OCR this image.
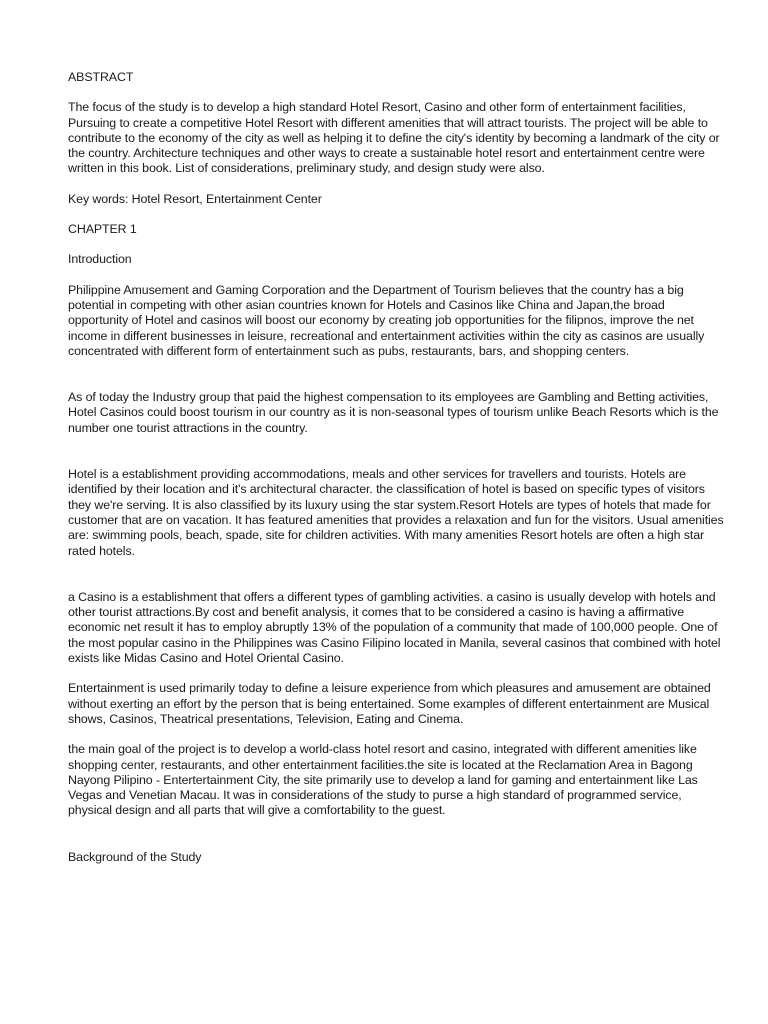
ABSTRACT
The focus of the study is to develop a high standard Hotel Resort, Casino and other form of entertainment facilities, Pursuing to create a competitive Hotel Resort with different amenities that will attract tourists. The project will be able to contribute to the economy of the city as well as helping it to define the city's identity by becoming a landmark of the city or the country. Architecture techniques and other ways to create a sustainable hotel resort and entertainment centre were written in this book. List of considerations, preliminary study, and design study were also.
Key words: Hotel Resort, Entertainment Center
CHAPTER 1
Introduction
Philippine Amusement and Gaming Corporation and the Department of Tourism believes that the country has a big potential in competing with other asian countries known for Hotels and Casinos like China and Japan,the broad opportunity of Hotel and casinos will boost our economy by creating job opportunities for the filipnos, improve the net income in different businesses in leisure, recreational and entertainment activities within the city as casinos are usually concentrated with different form of entertainment such as pubs, restaurants, bars, and shopping centers.
As of today the Industry group that paid the highest compensation to its employees are Gambling and Betting activities, Hotel Casinos could boost tourism in our country as it is non-seasonal types of tourism unlike Beach Resorts which is the number one tourist attractions in the country.
Hotel is a establishment providing accommodations, meals and other services for travellers and tourists. Hotels are identified by their location and it's architectural character. the classification of hotel is based on specific types of visitors they we're serving. It is also classified by its luxury using the star system.Resort Hotels are types of hotels that made for customer that are on vacation. It has featured amenities that provides a relaxation and fun for the visitors. Usual amenities are: swimming pools, beach, spade, site for children activities. With many amenities Resort hotels are often a high star rated hotels.
a Casino is a establishment that offers a different types of gambling activities. a casino is usually develop with hotels and other tourist attractions.By cost and benefit analysis, it comes that to be considered a casino is having a affirmative economic net result it has to employ abruptly 13% of the population of a community that made of 100,000 people. One of the most popular casino in the Philippines was Casino Filipino located in Manila, several casinos that combined with hotel exists like Midas Casino and Hotel Oriental Casino.
Entertainment is used primarily today to define a leisure experience from which pleasures and amusement are obtained without exerting an effort by the person that is being entertained. Some examples of different entertainment are Musical shows, Casinos, Theatrical presentations, Television, Eating and Cinema.
the main goal of the project is to develop a world-class hotel resort and casino, integrated with different amenities like shopping center, restaurants, and other entertainment facilities.the site is located at the Reclamation Area in Bagong Nayong Pilipino - Entertertainment City, the site primarily use to develop a land for gaming and entertainment like Las Vegas and Venetian Macau. It was in considerations of the study to purse a high standard of programmed service, physical design and all parts that will give a comfortability to the guest.
Background of the Study
